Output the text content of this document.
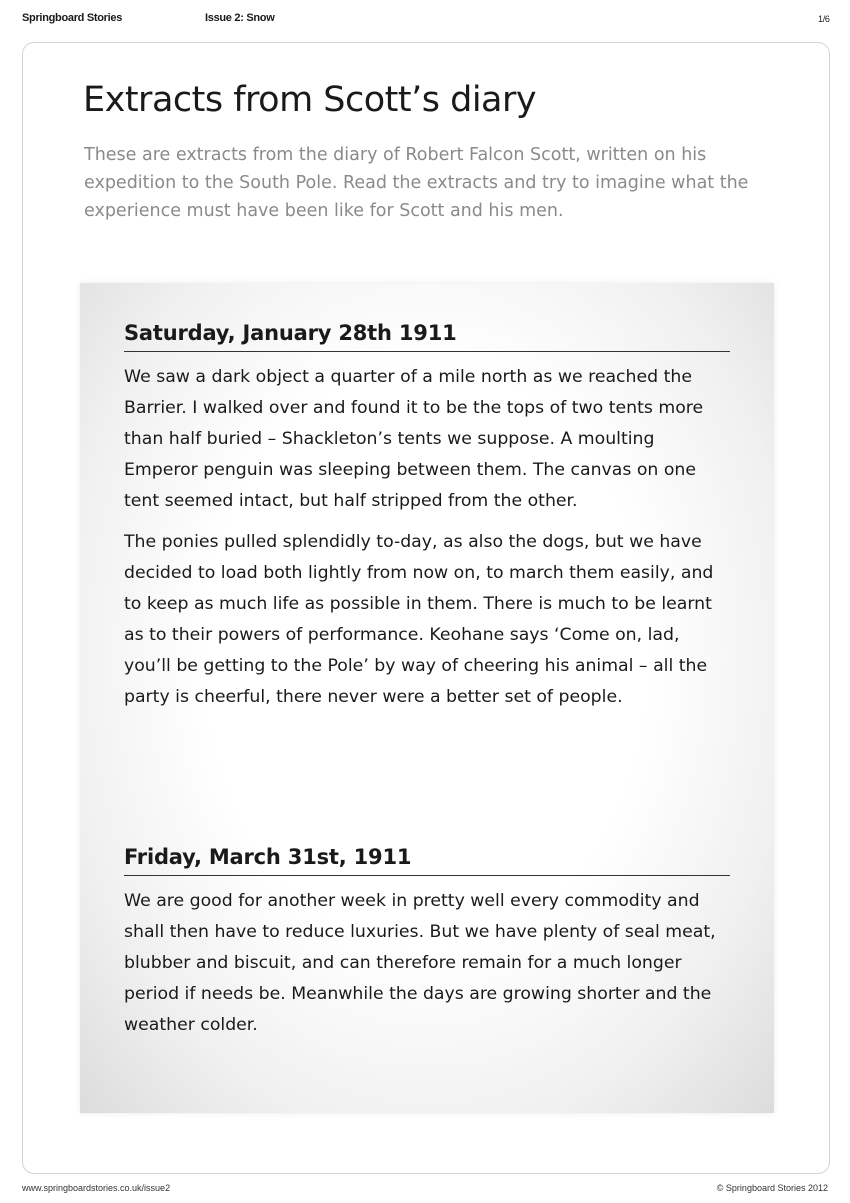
Springboard Stories	Issue 2: Snow	1/6
Extracts from Scott’s diary

These are extracts from the diary of Robert Falcon Scott, written on his expedition to the South Pole. Read the extracts and try to imagine what the experience must have been like for Scott and his men.

Saturday, January 28th 1911

We saw a dark object a quarter of a mile north as we reached the Barrier. I walked over and found it to be the tops of two tents more than half buried – Shackleton’s tents we suppose. A moulting Emperor penguin was sleeping between them. The canvas on one tent seemed intact, but half stripped from the other.

The ponies pulled splendidly to-day, as also the dogs, but we have decided to load both lightly from now on, to march them easily, and to keep as much life as possible in them. There is much to be learnt as to their powers of performance. Keohane says ‘Come on, lad, you’ll be getting to the Pole’ by way of cheering his animal – all the party is cheerful, there never were a better set of people.

Friday, March 31st, 1911

We are good for another week in pretty well every commodity and shall then have to reduce luxuries. But we have plenty of seal meat, blubber and biscuit, and can therefore remain for a much longer period if needs be. Meanwhile the days are growing shorter and the weather colder.

www.springboardstories.co.uk/issue2	© Springboard Stories 2012
